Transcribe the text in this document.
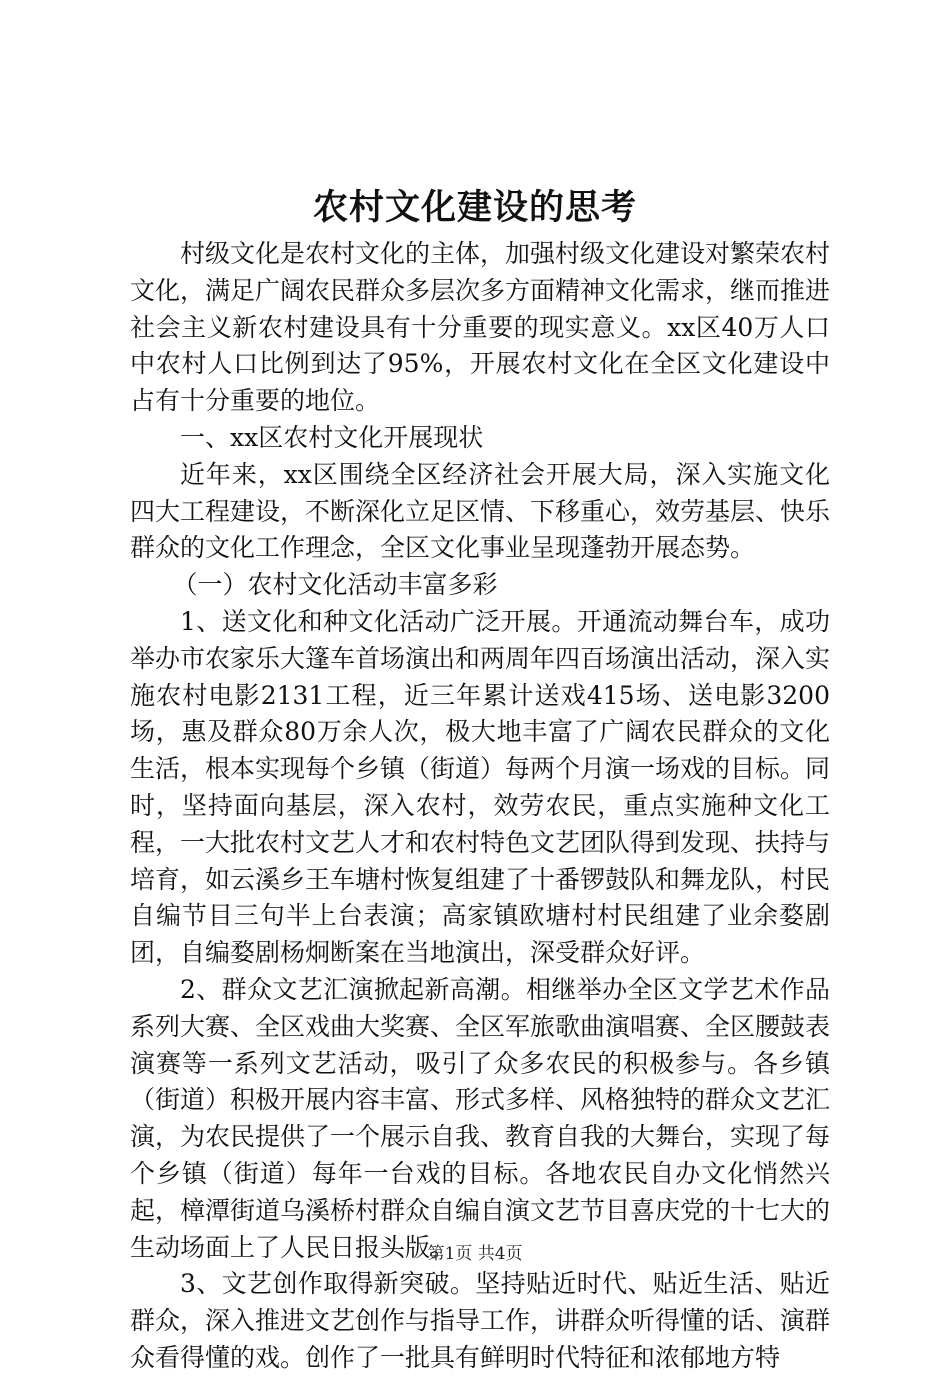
农村文化建设的思考

村级文化是农村文化的主体，加强村级文化建设对繁荣农村文化，满足广阔农民群众多层次多方面精神文化需求，继而推进社会主义新农村建设具有十分重要的现实意义。xx区40万人口中农村人口比例到达了95%，开展农村文化在全区文化建设中占有十分重要的地位。

一、xx区农村文化开展现状

近年来，xx区围绕全区经济社会开展大局，深入实施文化四大工程建设，不断深化立足区情、下移重心，效劳基层、快乐群众的文化工作理念，全区文化事业呈现蓬勃开展态势。

（一）农村文化活动丰富多彩

1、送文化和种文化活动广泛开展。开通流动舞台车，成功举办市农家乐大篷车首场演出和两周年四百场演出活动，深入实施农村电影2131工程，近三年累计送戏415场、送电影3200场，惠及群众80万余人次，极大地丰富了广阔农民群众的文化生活，根本实现每个乡镇（街道）每两个月演一场戏的目标。同时，坚持面向基层，深入农村，效劳农民，重点实施种文化工程，一大批农村文艺人才和农村特色文艺团队得到发现、扶持与培育，如云溪乡王车塘村恢复组建了十番锣鼓队和舞龙队，村民自编节目三句半上台表演；高家镇欧塘村村民组建了业余婺剧团，自编婺剧杨炯断案在当地演出，深受群众好评。

2、群众文艺汇演掀起新高潮。相继举办全区文学艺术作品系列大赛、全区戏曲大奖赛、全区军旅歌曲演唱赛、全区腰鼓表演赛等一系列文艺活动，吸引了众多农民的积极参与。各乡镇（街道）积极开展内容丰富、形式多样、风格独特的群众文艺汇演，为农民提供了一个展示自我、教育自我的大舞台，实现了每个乡镇（街道）每年一台戏的目标。各地农民自办文化悄然兴起，樟潭街道乌溪桥村群众自编自演文艺节目喜庆党的十七大的生动场面上了人民日报头版。

3、文艺创作取得新突破。坚持贴近时代、贴近生活、贴近群众，深入推进文艺创作与指导工作，讲群众听得懂的话、演群众看得懂的戏。创作了一批具有鲜明时代特征和浓郁地方特

第1页 共4页
